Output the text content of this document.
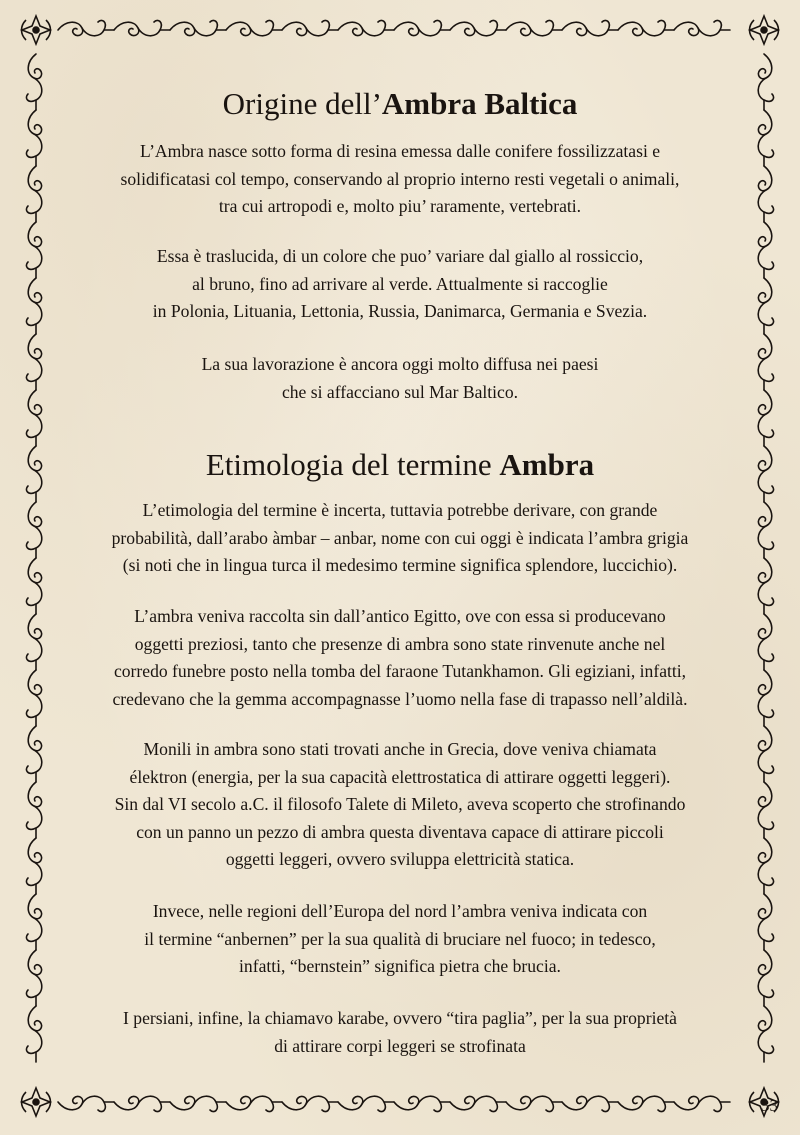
Origine dell’Ambra Baltica

L’Ambra nasce sotto forma di resina emessa dalle conifere fossilizzatasi e
solidificatasi col tempo, conservando al proprio interno resti vegetali o animali,
tra cui artropodi e, molto piu’ raramente, vertebrati.

Essa è traslucida, di un colore che puo’ variare dal giallo al rossiccio,
al bruno, fino ad arrivare al verde. Attualmente si raccoglie
in Polonia, Lituania, Lettonia, Russia, Danimarca, Germania e Svezia.

La sua lavorazione è ancora oggi molto diffusa nei paesi
che si affacciano sul Mar Baltico.

Etimologia del termine Ambra

L’etimologia del termine è incerta, tuttavia potrebbe derivare, con grande
probabilità, dall’arabo àmbar – anbar, nome con cui oggi è indicata l’ambra grigia
(si noti che in lingua turca il medesimo termine significa splendore, luccichio).

L’ambra veniva raccolta sin dall’antico Egitto, ove con essa si producevano
oggetti preziosi, tanto che presenze di ambra sono state rinvenute anche nel
corredo funebre posto nella tomba del faraone Tutankhamon. Gli egiziani, infatti,
credevano che la gemma accompagnasse l’uomo nella fase di trapasso nell’aldilà.

Monili in ambra sono stati trovati anche in Grecia, dove veniva chiamata
élektron (energia, per la sua capacità elettrostatica di attirare oggetti leggeri).
Sin dal VI secolo a.C. il filosofo Talete di Mileto, aveva scoperto che strofinando
con un panno un pezzo di ambra questa diventava capace di attirare piccoli
oggetti leggeri, ovvero sviluppa elettricità statica.

Invece, nelle regioni dell’Europa del nord l’ambra veniva indicata con
il termine “anbernen” per la sua qualità di bruciare nel fuoco; in tedesco,
infatti, “bernstein” significa pietra che brucia.

I persiani, infine, la chiamavo karabe, ovvero “tira paglia”, per la sua proprietà
di attirare corpi leggeri se strofinata

33
